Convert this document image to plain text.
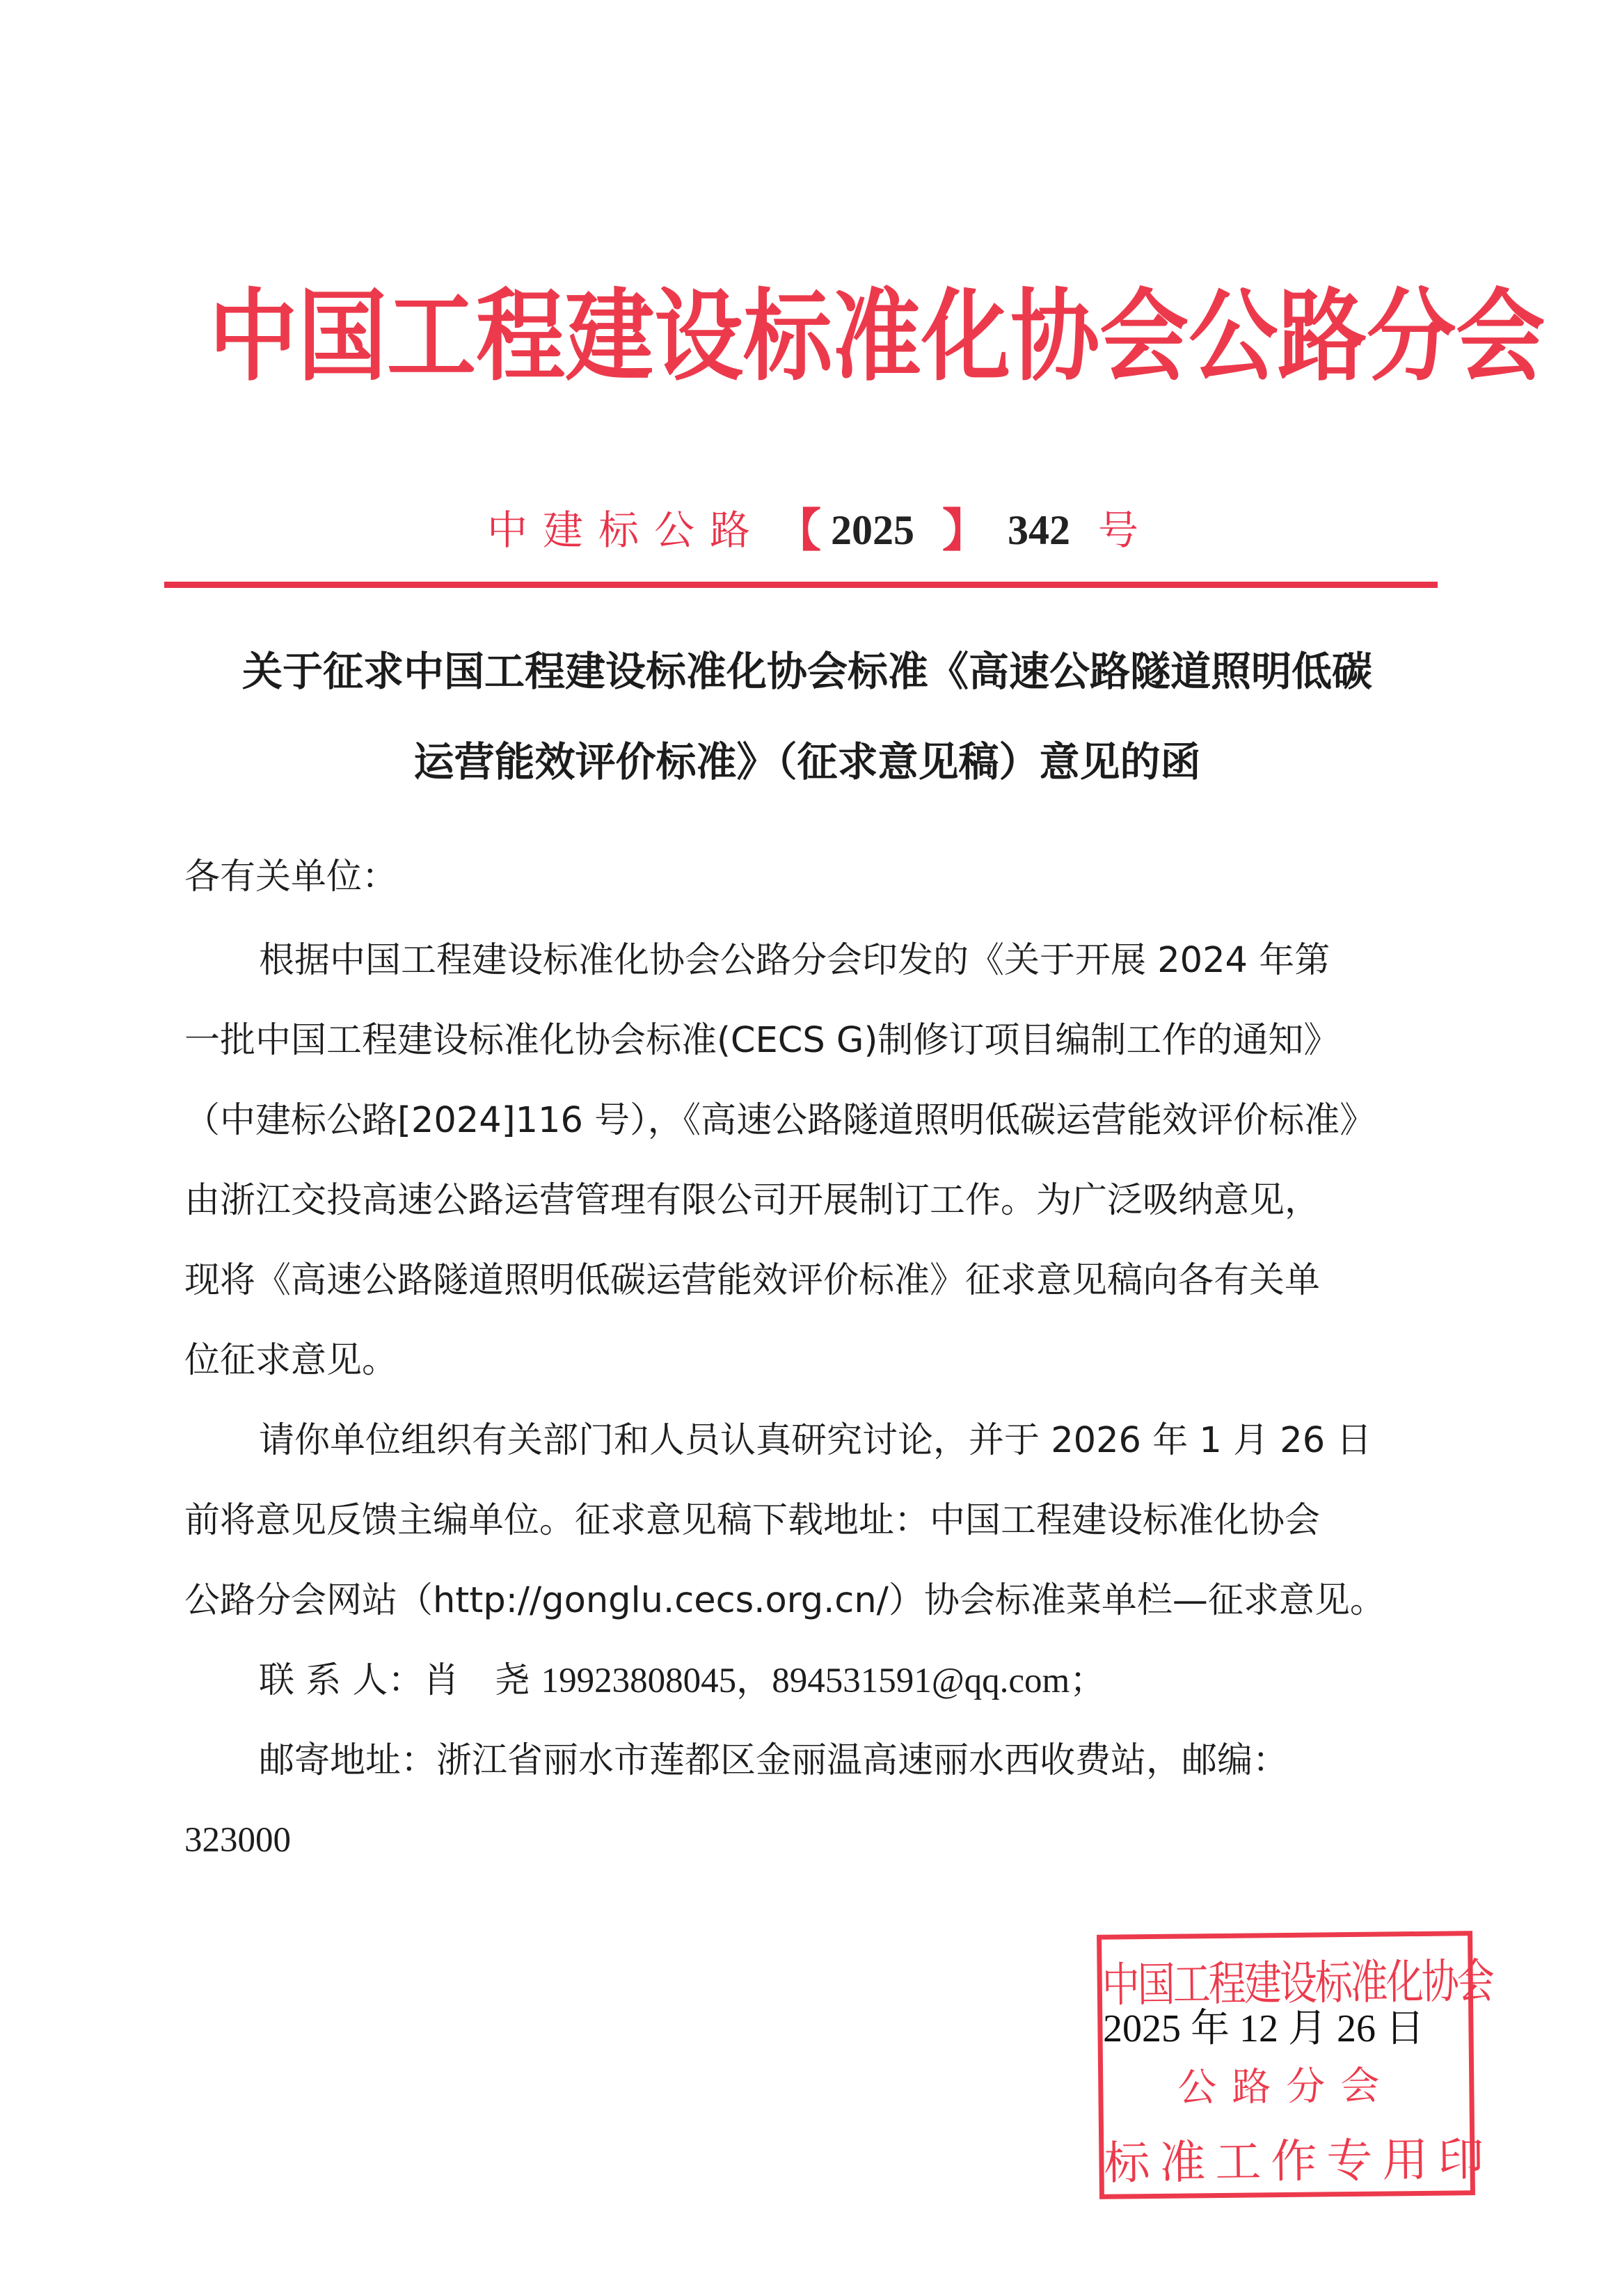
中 国 工 程 建 设 标 准 化 协 会 公 路 分 会
中建标公路 【 2025 】 342 号
关于征求中国工程建设标准化协会标准《高速公路隧道照明低碳
运营能效评价标准》（征求意见稿）意见的函
各有关单位：
根据中国工程建设标准化协会公路分会印发的《关于开展 2024 年第
一批中国工程建设标准化协会标准(CECS G)制修订项目编制工作的通知》
（中建标公路[2024]116 号），《高速公路隧道照明低碳运营能效评价标准》
由浙江交投高速公路运营管理有限公司开展制订工作。为广泛吸纳意见，
现将《高速公路隧道照明低碳运营能效评价标准》征求意见稿向各有关单
位征求意见。
请你单位组织有关部门和人员认真研究讨论，并于 2026 年 1 月 26 日
前将意见反馈主编单位。征求意见稿下载地址：中国工程建设标准化协会
公路分会网站（http://gonglu.cecs.org.cn/）协会标准菜单栏—征求意见。
联 系 人：肖　尧 19923808045，894531591@qq.com；
邮寄地址：浙江省丽水市莲都区金丽温高速丽水西收费站，邮编：
323000
中国工程建设标准化协会
公路分会
标准工作专用印
2025 年 12 月 26 日
